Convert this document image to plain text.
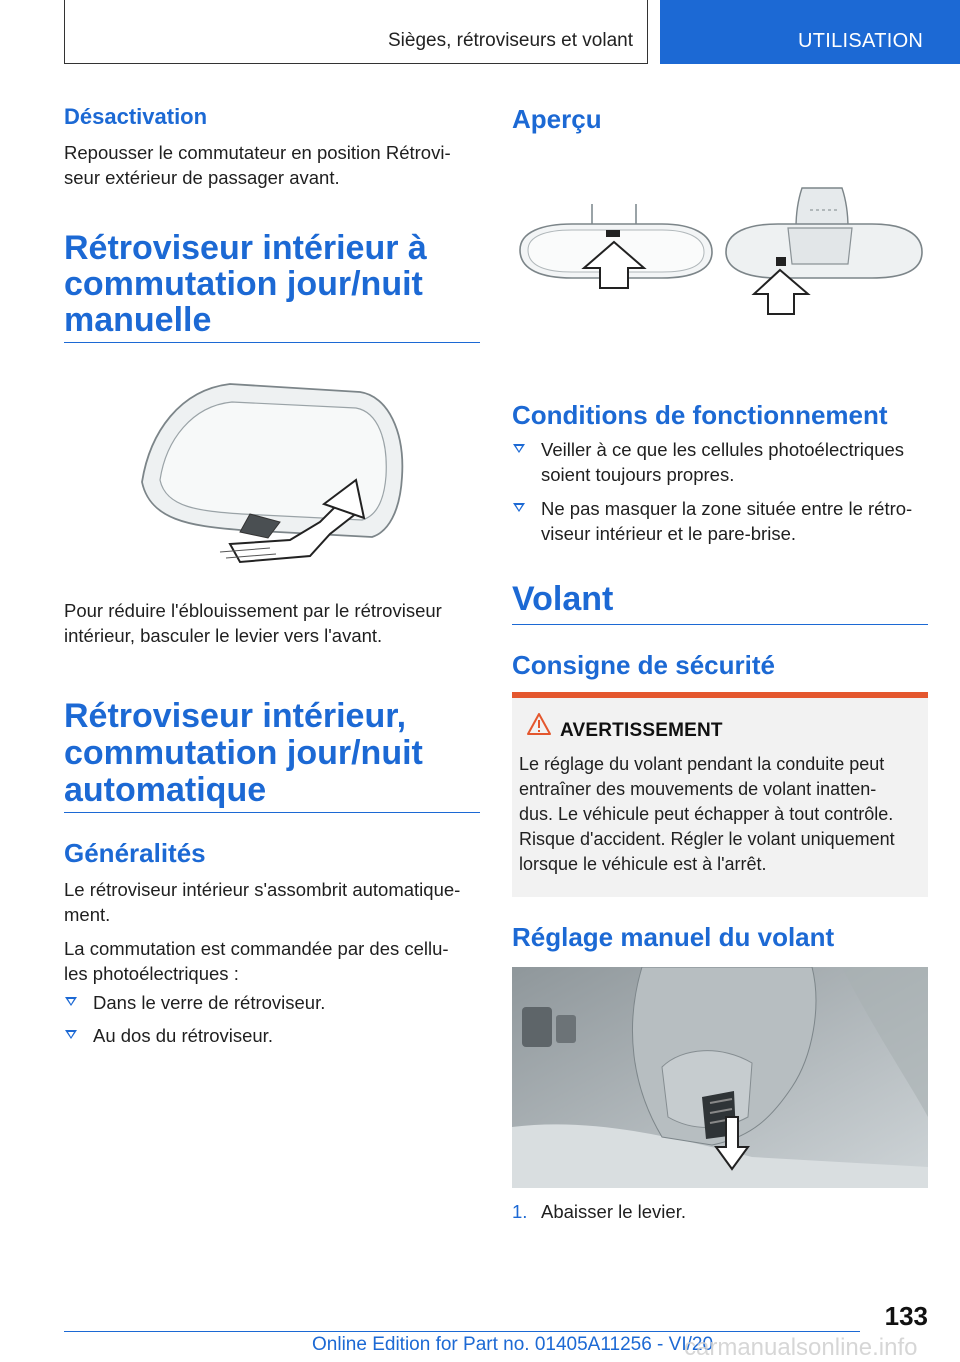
Sièges, rétroviseurs et volant	UTILISATION
Désactivation
Repousser le commutateur en position Rétrovi-
seur extérieur de passager avant.
Rétroviseur intérieur à
commutation jour/nuit
manuelle
Pour réduire l'éblouissement par le rétroviseur
intérieur, basculer le levier vers l'avant.
Rétroviseur intérieur,
commutation jour/nuit
automatique
Généralités
Le rétroviseur intérieur s'assombrit automatique-
ment.
La commutation est commandée par des cellu-
les photoélectriques :
Dans le verre de rétroviseur.
Au dos du rétroviseur.
Aperçu
Conditions de fonctionnement
Veiller à ce que les cellules photoélectriques
soient toujours propres.
Ne pas masquer la zone située entre le rétro-
viseur intérieur et le pare-brise.
Volant
Consigne de sécurité
AVERTISSEMENT
Le réglage du volant pendant la conduite peut
entraîner des mouvements de volant inatten-
dus. Le véhicule peut échapper à tout contrôle.
Risque d'accident. Régler le volant uniquement
lorsque le véhicule est à l'arrêt.
Réglage manuel du volant
1. Abaisser le levier.
133
Online Edition for Part no. 01405A11256 - VI/20
carmanualsonline.info
